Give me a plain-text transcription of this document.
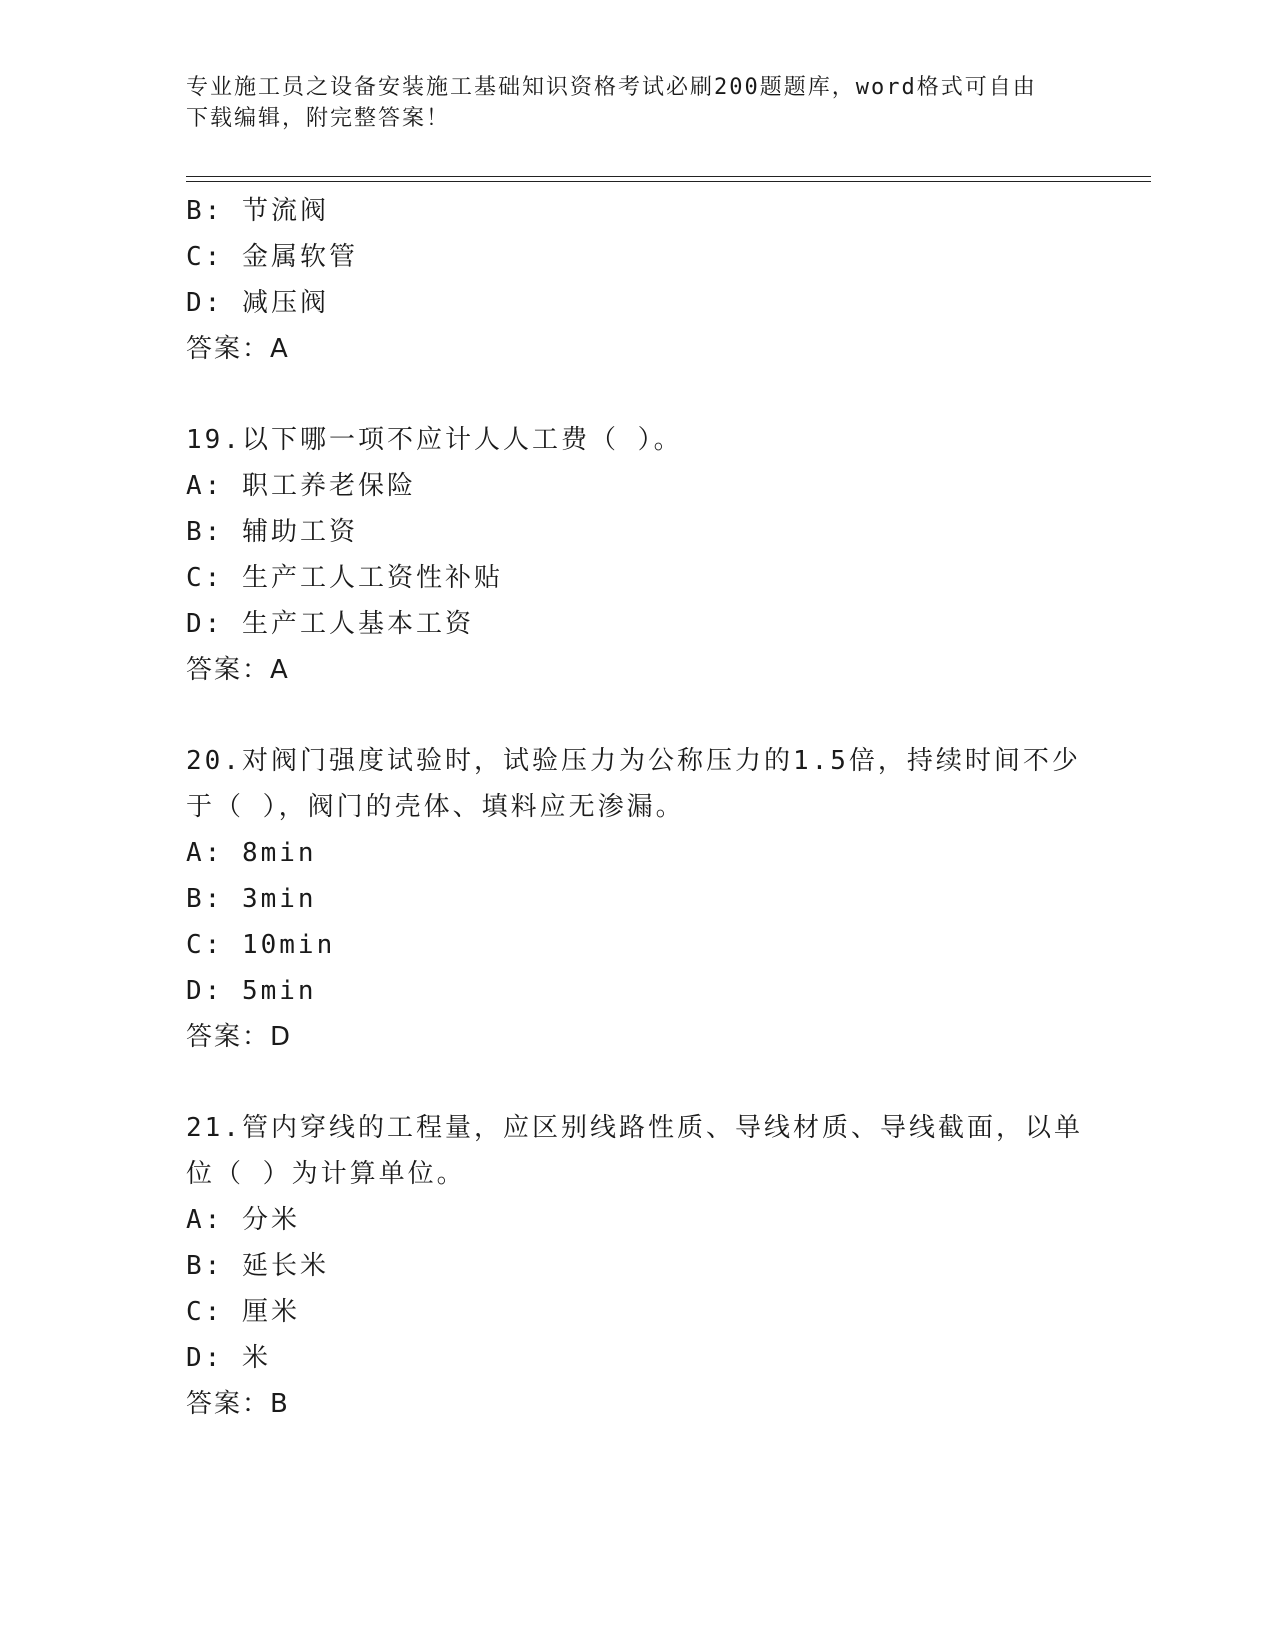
专业施工员之设备安装施工基础知识资格考试必刷200题题库，word格式可自由
下载编辑，附完整答案！
B: 节流阀
C: 金属软管
D: 减压阀
答案：A
19.以下哪一项不应计人人工费（ ）。
A: 职工养老保险
B: 辅助工资
C: 生产工人工资性补贴
D: 生产工人基本工资
答案：A
20.对阀门强度试验时，试验压力为公称压力的1.5倍，持续时间不少
于（ ），阀门的壳体、填料应无渗漏。
A: 8min
B: 3min
C: 10min
D: 5min
答案：D
21.管内穿线的工程量，应区别线路性质、导线材质、导线截面，以单
位（ ）为计算单位。
A: 分米
B: 延长米
C: 厘米
D: 米
答案：B
